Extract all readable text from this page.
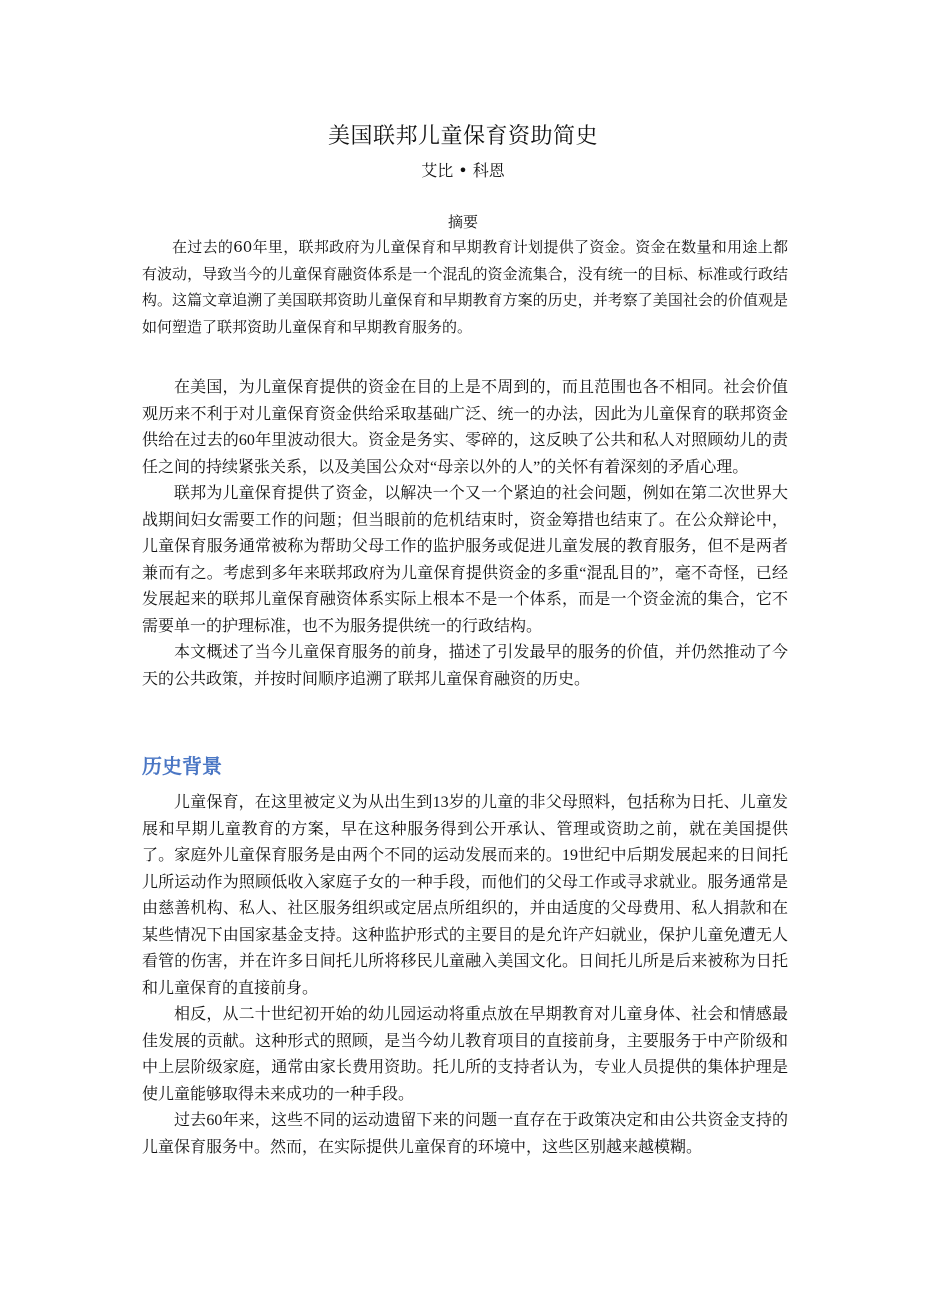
美国联邦儿童保育资助简史
艾比 • 科恩
摘要

在过去的60年里，联邦政府为儿童保育和早期教育计划提供了资金。资金在数量和用途上都有波动，导致当今的儿童保育融资体系是一个混乱的资金流集合，没有统一的目标、标准或行政结构。这篇文章追溯了美国联邦资助儿童保育和早期教育方案的历史，并考察了美国社会的价值观是如何塑造了联邦资助儿童保育和早期教育服务的。

在美国，为儿童保育提供的资金在目的上是不周到的，而且范围也各不相同。社会价值观历来不利于对儿童保育资金供给采取基础广泛、统一的办法，因此为儿童保育的联邦资金供给在过去的60年里波动很大。资金是务实、零碎的，这反映了公共和私人对照顾幼儿的责任之间的持续紧张关系，以及美国公众对“母亲以外的人”的关怀有着深刻的矛盾心理。

联邦为儿童保育提供了资金，以解决一个又一个紧迫的社会问题，例如在第二次世界大战期间妇女需要工作的问题；但当眼前的危机结束时，资金筹措也结束了。在公众辩论中，儿童保育服务通常被称为帮助父母工作的监护服务或促进儿童发展的教育服务，但不是两者兼而有之。考虑到多年来联邦政府为儿童保育提供资金的多重“混乱目的”，毫不奇怪，已经发展起来的联邦儿童保育融资体系实际上根本不是一个体系，而是一个资金流的集合，它不需要单一的护理标准，也不为服务提供统一的行政结构。

本文概述了当今儿童保育服务的前身，描述了引发最早的服务的价值，并仍然推动了今天的公共政策，并按时间顺序追溯了联邦儿童保育融资的历史。

历史背景

儿童保育，在这里被定义为从出生到13岁的儿童的非父母照料，包括称为日托、儿童发展和早期儿童教育的方案，早在这种服务得到公开承认、管理或资助之前，就在美国提供了。家庭外儿童保育服务是由两个不同的运动发展而来的。19世纪中后期发展起来的日间托儿所运动作为照顾低收入家庭子女的一种手段，而他们的父母工作或寻求就业。服务通常是由慈善机构、私人、社区服务组织或定居点所组织的，并由适度的父母费用、私人捐款和在某些情况下由国家基金支持。这种监护形式的主要目的是允许产妇就业，保护儿童免遭无人看管的伤害，并在许多日间托儿所将移民儿童融入美国文化。日间托儿所是后来被称为日托和儿童保育的直接前身。

相反，从二十世纪初开始的幼儿园运动将重点放在早期教育对儿童身体、社会和情感最佳发展的贡献。这种形式的照顾，是当今幼儿教育项目的直接前身，主要服务于中产阶级和中上层阶级家庭，通常由家长费用资助。托儿所的支持者认为，专业人员提供的集体护理是使儿童能够取得未来成功的一种手段。

过去60年来，这些不同的运动遗留下来的问题一直存在于政策决定和由公共资金支持的儿童保育服务中。然而，在实际提供儿童保育的环境中，这些区别越来越模糊。
